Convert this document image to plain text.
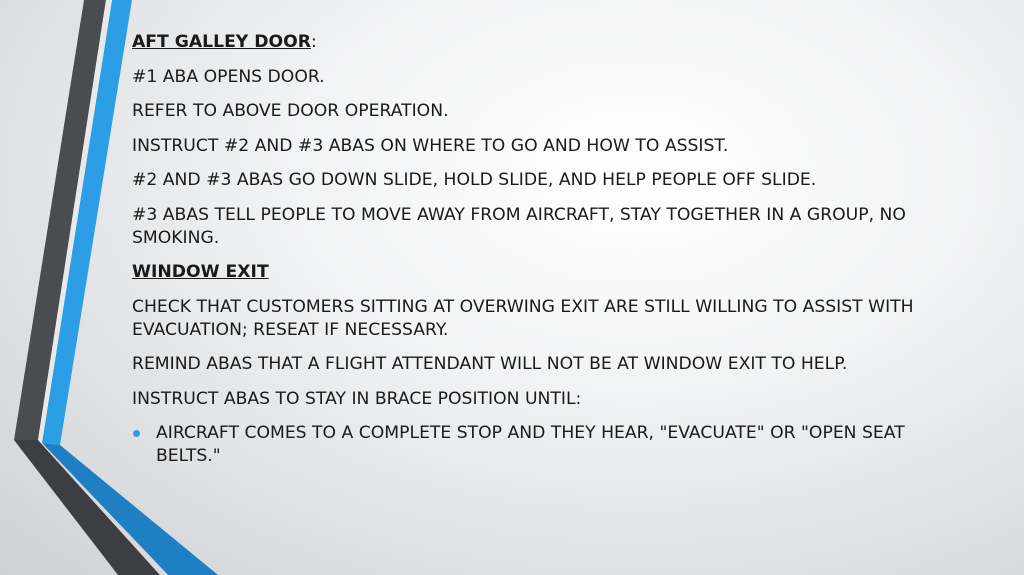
AFT GALLEY DOOR:

#1 ABA OPENS DOOR.

REFER TO ABOVE DOOR OPERATION.

INSTRUCT #2 AND #3 ABAS ON WHERE TO GO AND HOW TO ASSIST.

#2 AND #3 ABAS GO DOWN SLIDE, HOLD SLIDE, AND HELP PEOPLE OFF SLIDE.

#3 ABAS TELL PEOPLE TO MOVE AWAY FROM AIRCRAFT, STAY TOGETHER IN A GROUP, NO SMOKING.

WINDOW EXIT

CHECK THAT CUSTOMERS SITTING AT OVERWING EXIT ARE STILL WILLING TO ASSIST WITH EVACUATION; RESEAT IF NECESSARY.

REMIND ABAS THAT A FLIGHT ATTENDANT WILL NOT BE AT WINDOW EXIT TO HELP.

INSTRUCT ABAS TO STAY IN BRACE POSITION UNTIL:

AIRCRAFT COMES TO A COMPLETE STOP AND THEY HEAR, "EVACUATE" OR "OPEN SEAT BELTS."
